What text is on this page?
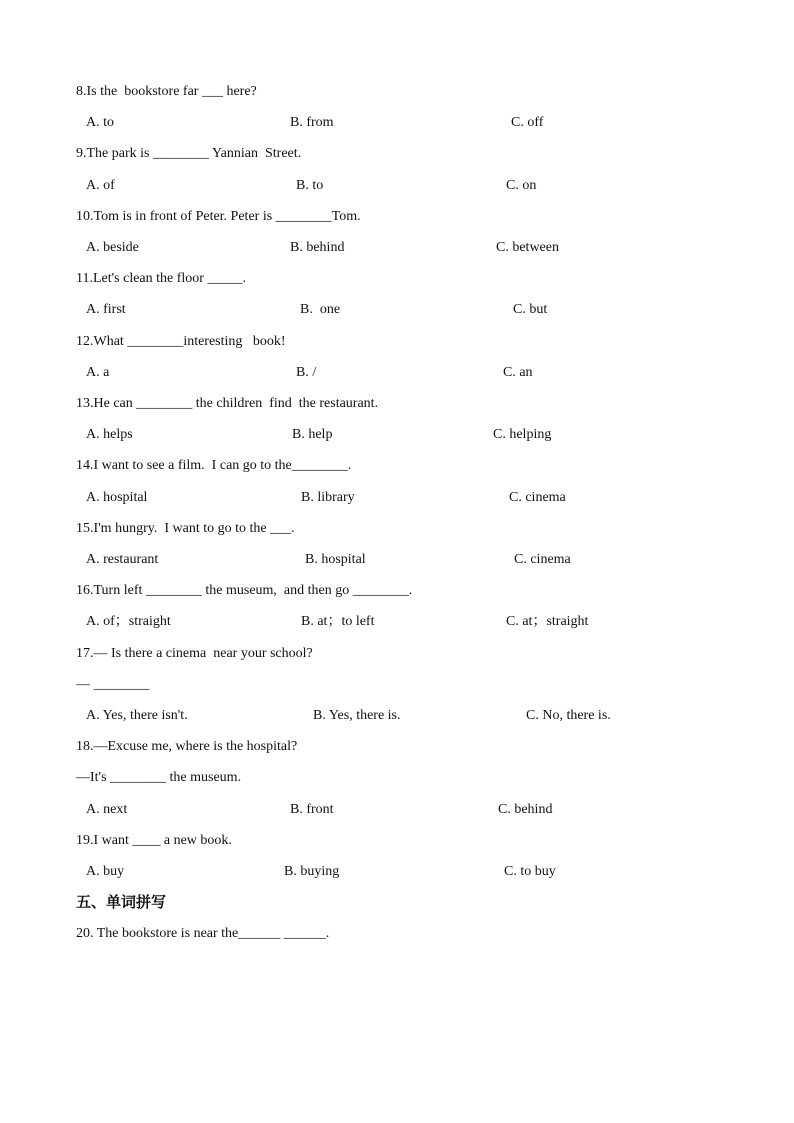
8.Is the  bookstore far ___ here?
A. to	B. from	C. off
9.The park is ________ Yannian  Street.
A. of	B. to	C. on
10.Tom is in front of Peter. Peter is ________Tom.
A. beside	B. behind	C. between
11.Let's clean the floor _____.
A. first	B.  one	C. but
12.What ________interesting   book!
A. a	B. /	C. an
13.He can ________ the children  find  the restaurant.
A. helps	B. help	C. helping
14.I want to see a film.  I can go to the________.
A. hospital	B. library	C. cinema
15.I'm hungry.  I want to go to the ___.
A. restaurant	B. hospital	C. cinema
16.Turn left ________ the museum,  and then go ________.
A. of；straight	B. at；to left	C. at；straight
17.— Is there a cinema  near your school?
— ________
A. Yes, there isn't.	B. Yes, there is.	C. No, there is.
18.—Excuse me, where is the hospital?
—It's ________ the museum.
A. next	B. front	C. behind
19.I want ____ a new book.
A. buy	B. buying	C. to buy
五、单词拼写
20. The bookstore is near the______ ______.
